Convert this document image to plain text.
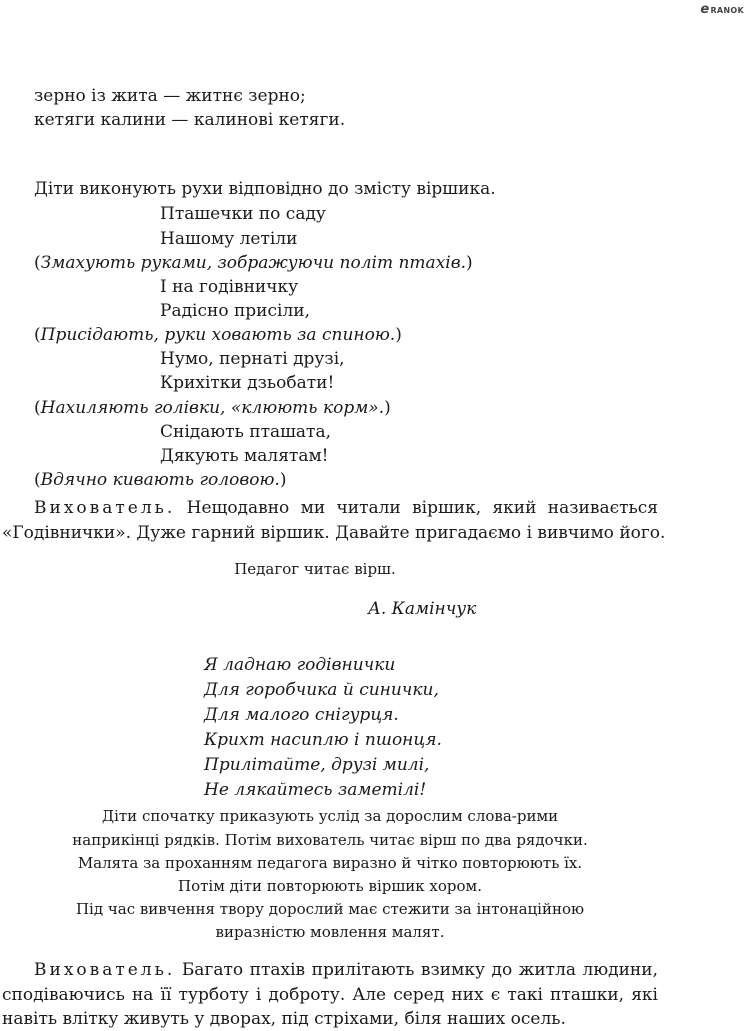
eRANOK
зерно із жита — житнє зерно;
кетяги калини — калинові кетяги.
Діти виконують рухи відповідно до змісту віршика.
Пташечки по саду
Нашому летіли
(Змахують руками, зображуючи політ птахів.)
І на годівничку
Радісно присіли,
(Присідають, руки ховають за спиною.)
Нумо, пернаті друзі,
Крихітки дзьобати!
(Нахиляють голівки, «клюють корм».)
Снідають пташата,
Дякують малятам!
(Вдячно кивають головою.)
Вихователь. Нещодавно ми читали віршик, який називається
«Годівнички». Дуже гарний віршик. Давайте пригадаємо і вивчимо його.
Педагог читає вірш.
А. Камінчук
Я ладнаю годівнички
Для горобчика й синички,
Для малого снігурця.
Крихт насиплю і пшонця.
Прилітайте, друзі милі,
Не лякайтесь заметілі!
Діти спочатку приказують услід за дорослим слова-рими
наприкінці рядків. Потім вихователь читає вірш по два рядочки.
Малята за проханням педагога виразно й чітко повторюють їх.
Потім діти повторюють віршик хором.
Під час вивчення твору дорослий має стежити за інтонаційною
виразністю мовлення малят.
Вихователь. Багато птахів прилітають взимку до житла людини,
сподіваючись на її турботу і доброту. Але серед них є такі пташки, які
навіть влітку живуть у дворах, під стріхами, біля наших осель.
